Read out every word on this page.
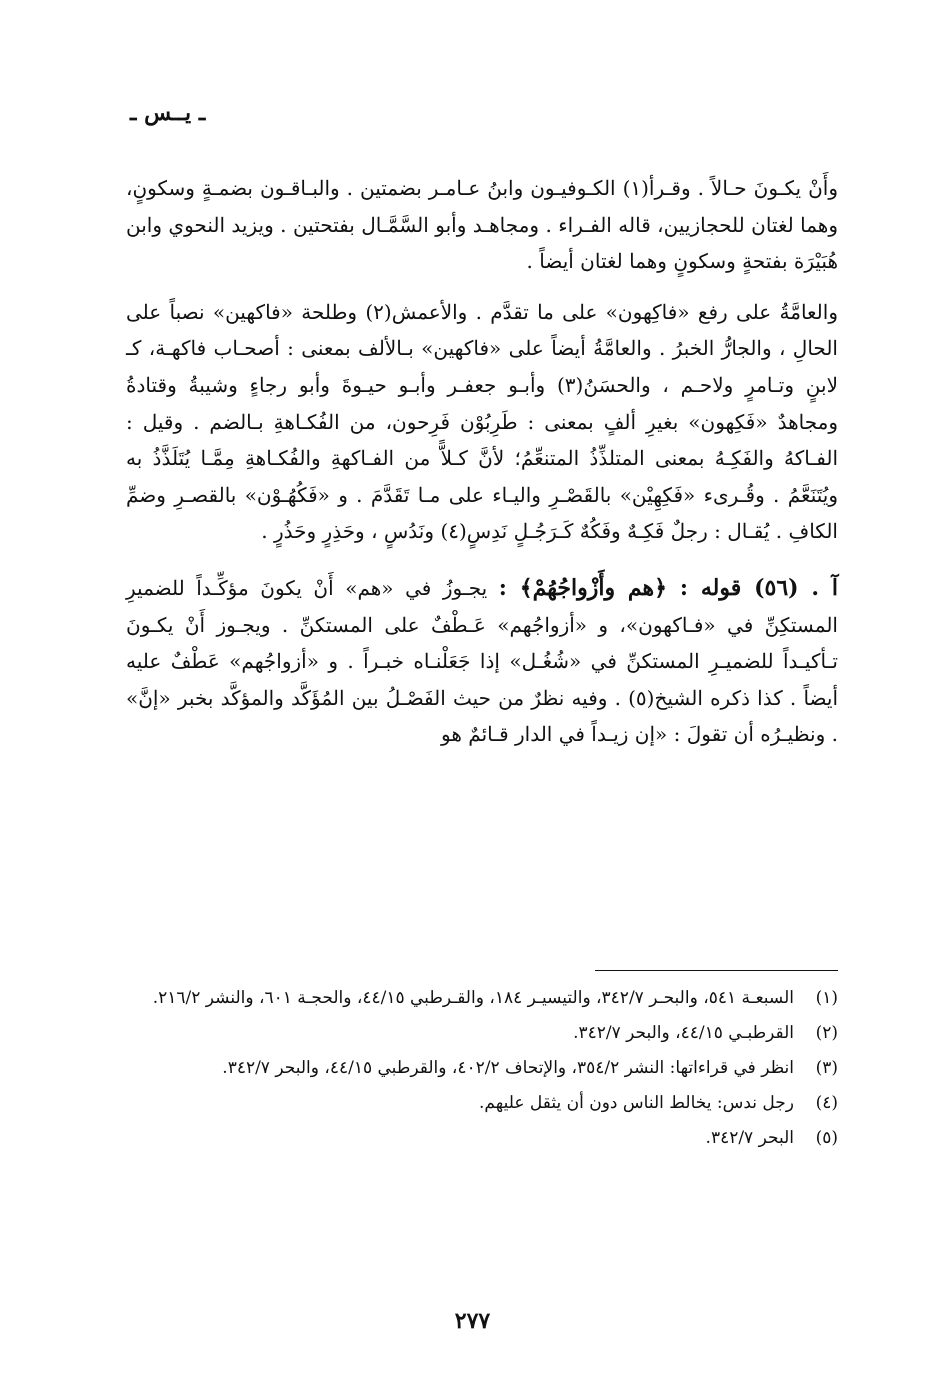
ـ يــس ـ

وأَنْ يكـونَ حـالاً . وقـرأ(١) الكـوفيـون وابنُ عـامـر بضمتين . والبـاقـون بضمـةٍ وسكونٍ، وهما لغتان للحجازيين، قاله الفـراء . ومجاهـد وأبو السَّمَّـال بفتحتين . ويزيد النحوي وابن هُبَيْرَة بفتحةٍ وسكونٍ وهما لغتان أيضاً .

والعامَّةُ على رفع «فاكِهون» على ما تقدَّم . والأعمش(٢) وطلحة «فاكهين» نصباً على الحالِ ، والجارُّ الخبرُ . والعامَّةُ أيضاً على «فاكهين» بـالألف بمعنى : أصحـاب فاكهـة، كـ لابنٍ وتـامرٍ ولاحـم ، والحسَنُ(٣) وأبـو جعفـر وأبـو حيـوةَ وأبو رجاءٍ وشيبةُ وقتادةُ ومجاهدٌ «فَكِهون» بغيرِ ألفٍ بمعنى : طَرِبُوْن فَرِحون، من الفُكـاهةِ بـالضم . وقيل : الفـاكهُ والفَكِـهُ بمعنى المتلذِّذُ المتنعِّمُ؛ لأنَّ كـلاًّ من الفـاكهةِ والفُكـاهةِ مِمَّـا يُتَلَذَّذُ به ويُتَنَعَّمُ . وقُـرىء «فَكِهِيْن» بالقَصْـرِ واليـاء على مـا تَقَدَّمَ . و «فَكُهُـوْن» بالقصـرِ وضمِّ الكافِ . يُقـال : رجلٌ فَكِـهٌ وفَكُهٌ كَـرَجُـلٍ نَدِسٍ(٤) ونَدُسٍ ، وحَذِرٍ وحَذُرٍ .

آ . (٥٦) قوله : ﴿هم وأَزْواجُهُمْ﴾ : يجـوزُ في «هم» أَنْ يكونَ مؤكِّـداً للضميرِ المستكِنِّ في «فـاكهون»، و «أزواجُهم» عَـطْفٌ على المستكنِّ . ويجـوز أَنْ يكـونَ تـأكيـداً للضميـرِ المستكنِّ في «شُغُـل» إذا جَعَلْنـاه خبـراً . و «أزواجُهم» عَطْفٌ عليه أيضاً . كذا ذكره الشيخ(٥) . وفيه نظرٌ من حيث الفَصْـلُ بين المُؤَكَّد والمؤكَّد بخبر «إنَّ» . ونظيـرُه أن تقولَ : «إن زيـداً في الدار قـائمٌ هو

(١)
السبعـة ٥٤١، والبحـر ٣٤٢/٧، والتيسيـر ١٨٤، والقـرطبي ٤٤/١٥، والحجـة ٦٠١، والنشر ٢١٦/٢.
(٢)
القرطبـي ٤٤/١٥، والبحر ٣٤٢/٧.
(٣)
انظر في قراءاتها: النشر ٣٥٤/٢، والإتحاف ٤٠٢/٢، والقرطبي ٤٤/١٥، والبحر ٣٤٢/٧.
(٤)
رجل ندس: يخالط الناس دون أن يثقل عليهم.
(٥)
البحر ٣٤٢/٧.
٢٧٧
